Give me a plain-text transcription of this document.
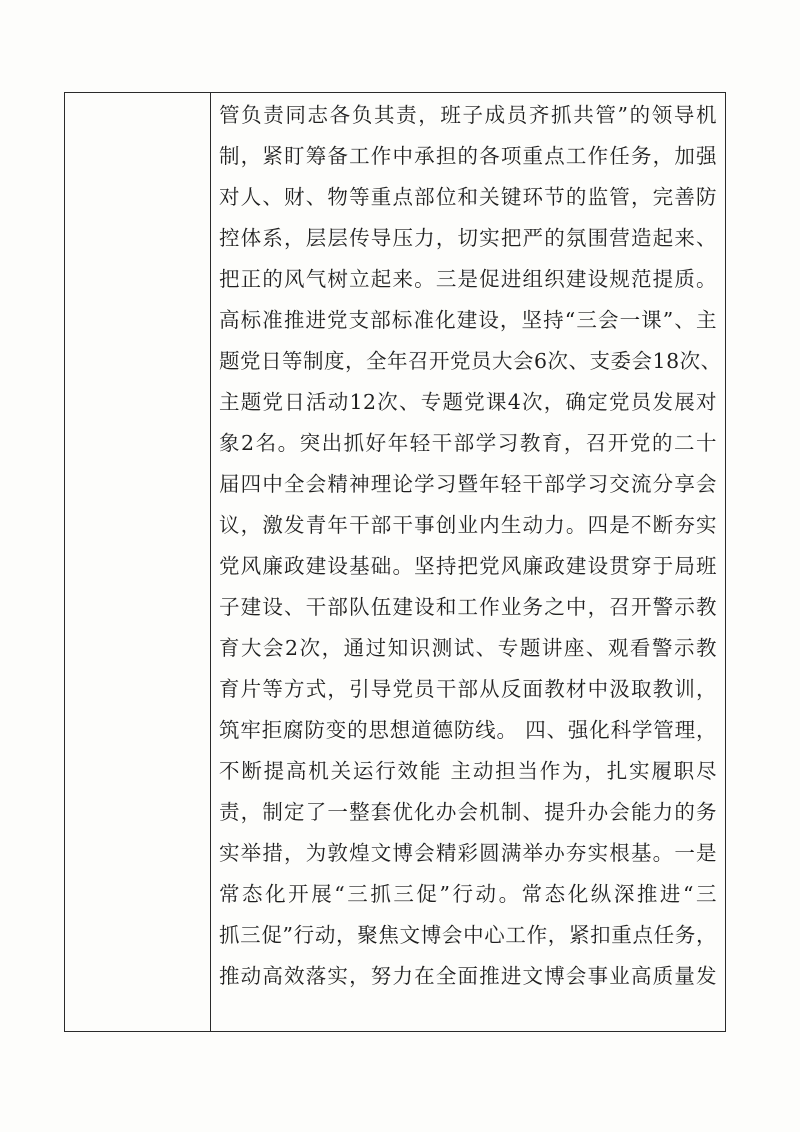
管负责同志各负其责，班子成员齐抓共管”的领导机
制，紧盯筹备工作中承担的各项重点工作任务，加强
对人、财、物等重点部位和关键环节的监管，完善防
控体系，层层传导压力，切实把严的氛围营造起来、
把正的风气树立起来。三是促进组织建设规范提质。
高标准推进党支部标准化建设，坚持“三会一课”、主
题党日等制度，全年召开党员大会6次、支委会18次、
主题党日活动12次、专题党课4次，确定党员发展对
象2名。突出抓好年轻干部学习教育，召开党的二十
届四中全会精神理论学习暨年轻干部学习交流分享会
议，激发青年干部干事创业内生动力。四是不断夯实
党风廉政建设基础。坚持把党风廉政建设贯穿于局班
子建设、干部队伍建设和工作业务之中，召开警示教
育大会2次，通过知识测试、专题讲座、观看警示教
育片等方式，引导党员干部从反面教材中汲取教训，
筑牢拒腐防变的思想道德防线。 四、强化科学管理，
不断提高机关运行效能 主动担当作为，扎实履职尽
责，制定了一整套优化办会机制、提升办会能力的务
实举措，为敦煌文博会精彩圆满举办夯实根基。一是
常态化开展“三抓三促”行动。常态化纵深推进“三
抓三促”行动，聚焦文博会中心工作，紧扣重点任务，
推动高效落实，努力在全面推进文博会事业高质量发
